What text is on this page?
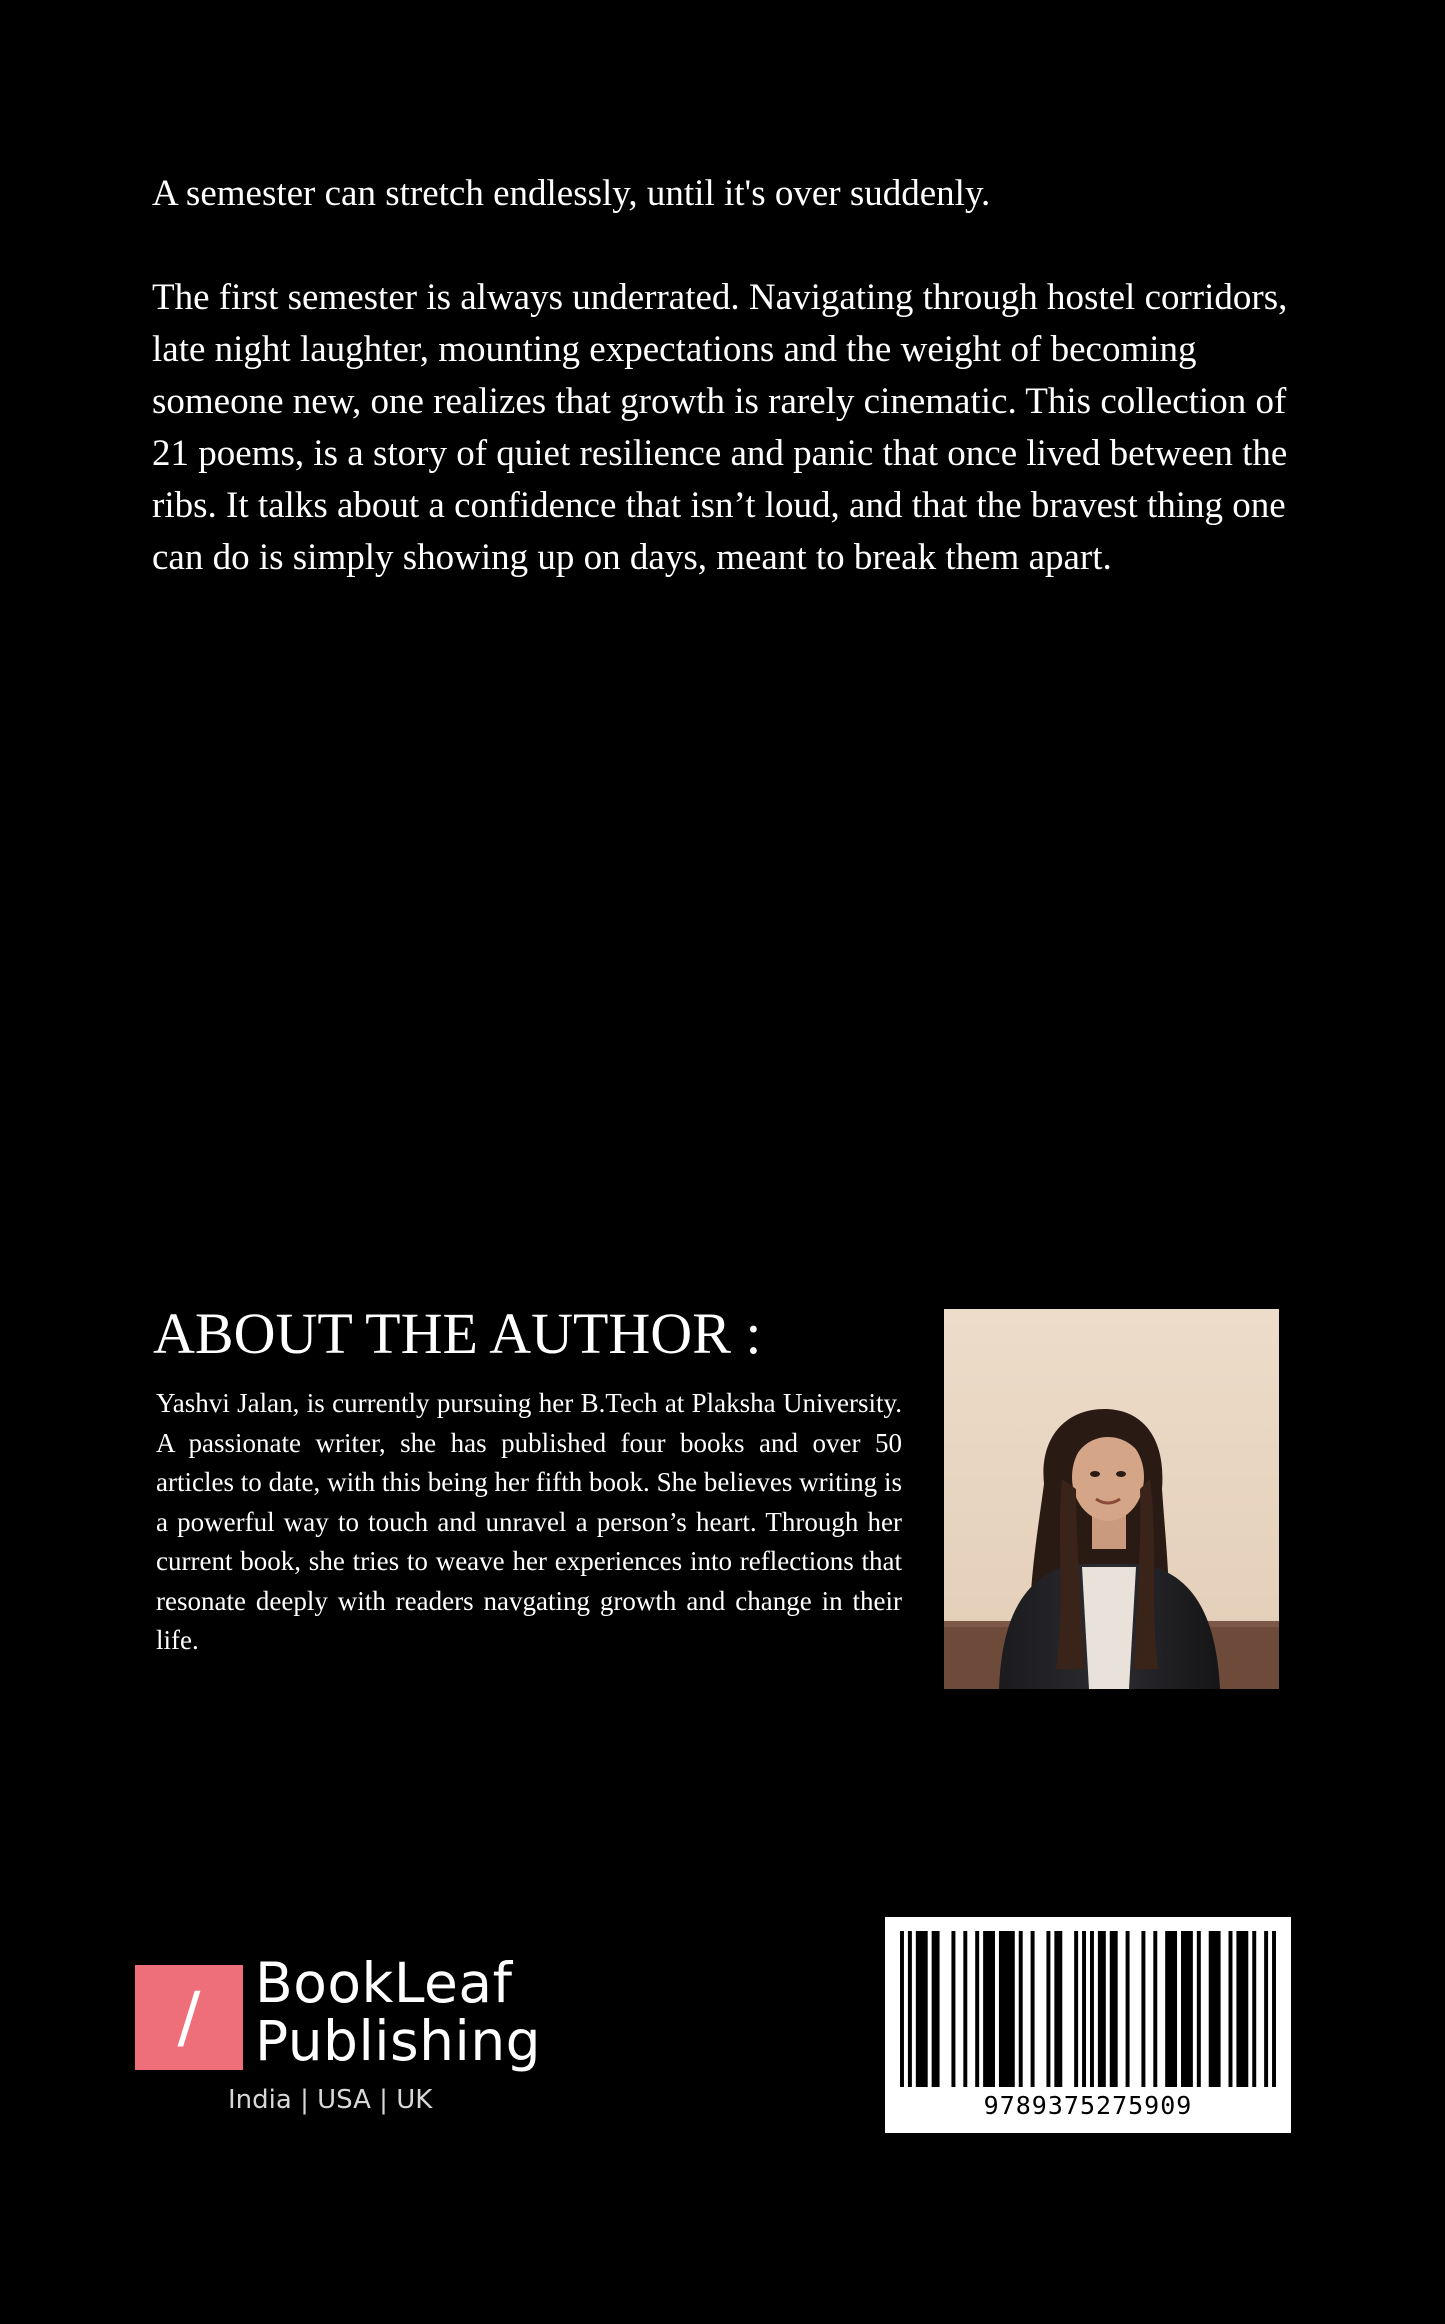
A semester can stretch endlessly, until it's over suddenly.

The first semester is always underrated. Navigating through hostel corridors, late night laughter, mounting expectations and the weight of becoming someone new, one realizes that growth is rarely cinematic. This collection of 21 poems, is a story of quiet resilience and panic that once lived between the ribs. It talks about a confidence that isn’t loud, and that the bravest thing one can do is simply showing up on days, meant to break them apart.

ABOUT THE AUTHOR :
Yashvi Jalan, is currently pursuing her B.Tech at Plaksha University. A passionate writer, she has published four books and over 50 articles to date, with this being her fifth book. She believes writing is a powerful way to touch and unravel a person’s heart. Through her current book, she tries to weave her experiences into reflections that resonate deeply with readers navgating growth and change in their life.
/ BookLeaf
Publishing
India | USA | UK	9789375275909
